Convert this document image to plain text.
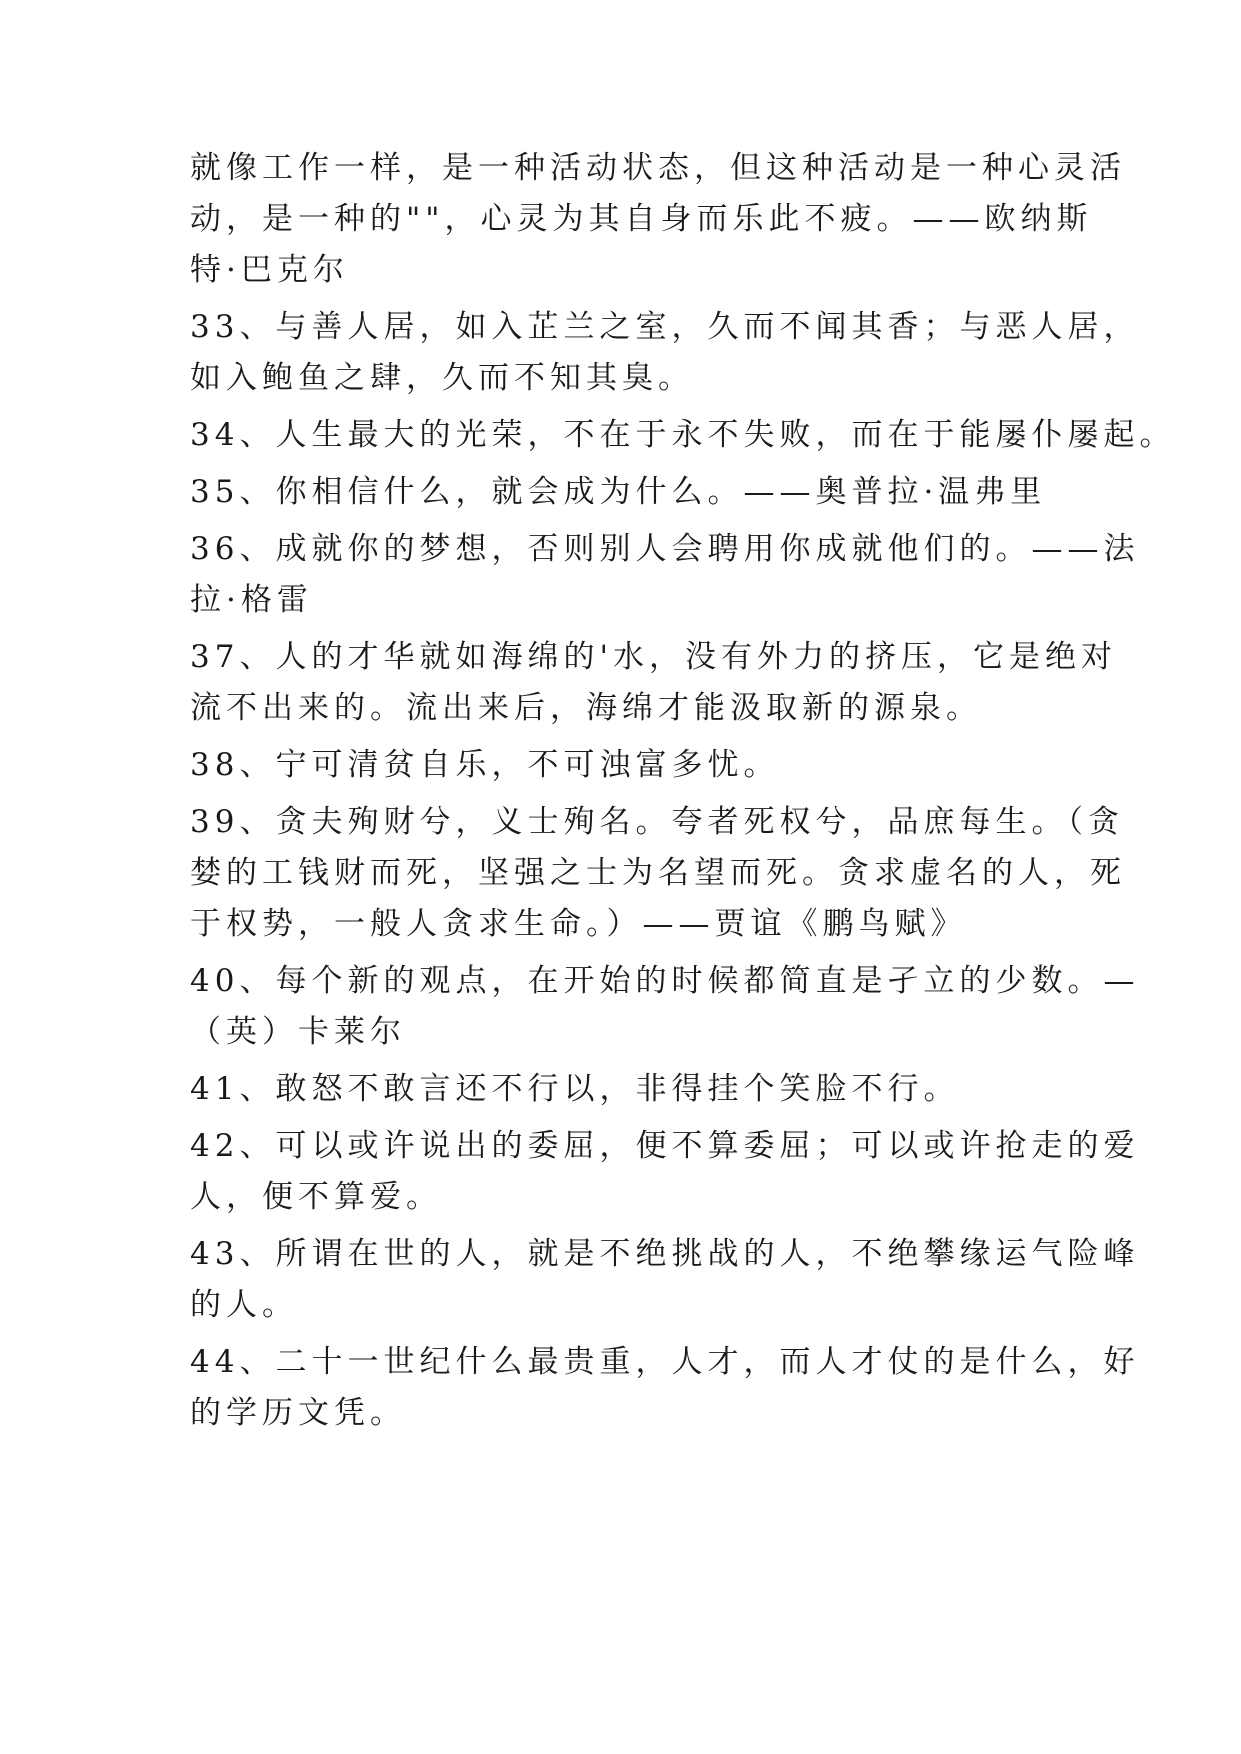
就像工作一样，是一种活动状态，但这种活动是一种心灵活
动，是一种的""，心灵为其自身而乐此不疲。——欧纳斯
特·巴克尔
33、与善人居，如入芷兰之室，久而不闻其香；与恶人居，
如入鲍鱼之肆，久而不知其臭。
34、人生最大的光荣，不在于永不失败，而在于能屡仆屡起。
35、你相信什么，就会成为什么。——奥普拉·温弗里
36、成就你的梦想，否则别人会聘用你成就他们的。——法
拉·格雷
37、人的才华就如海绵的'水，没有外力的挤压，它是绝对
流不出来的。流出来后，海绵才能汲取新的源泉。
38、宁可清贫自乐，不可浊富多忧。
39、贪夫殉财兮，义士殉名。夸者死权兮，品庶每生。（贪
婪的工钱财而死，坚强之士为名望而死。贪求虚名的人，死
于权势，一般人贪求生命。）——贾谊《鹏鸟赋》
40、每个新的观点，在开始的时候都简直是孑立的少数。—
（英）卡莱尔
41、敢怒不敢言还不行以，非得挂个笑脸不行。
42、可以或许说出的委屈，便不算委屈；可以或许抢走的爱
人，便不算爱。
43、所谓在世的人，就是不绝挑战的人，不绝攀缘运气险峰
的人。
44、二十一世纪什么最贵重，人才，而人才仗的是什么，好
的学历文凭。
